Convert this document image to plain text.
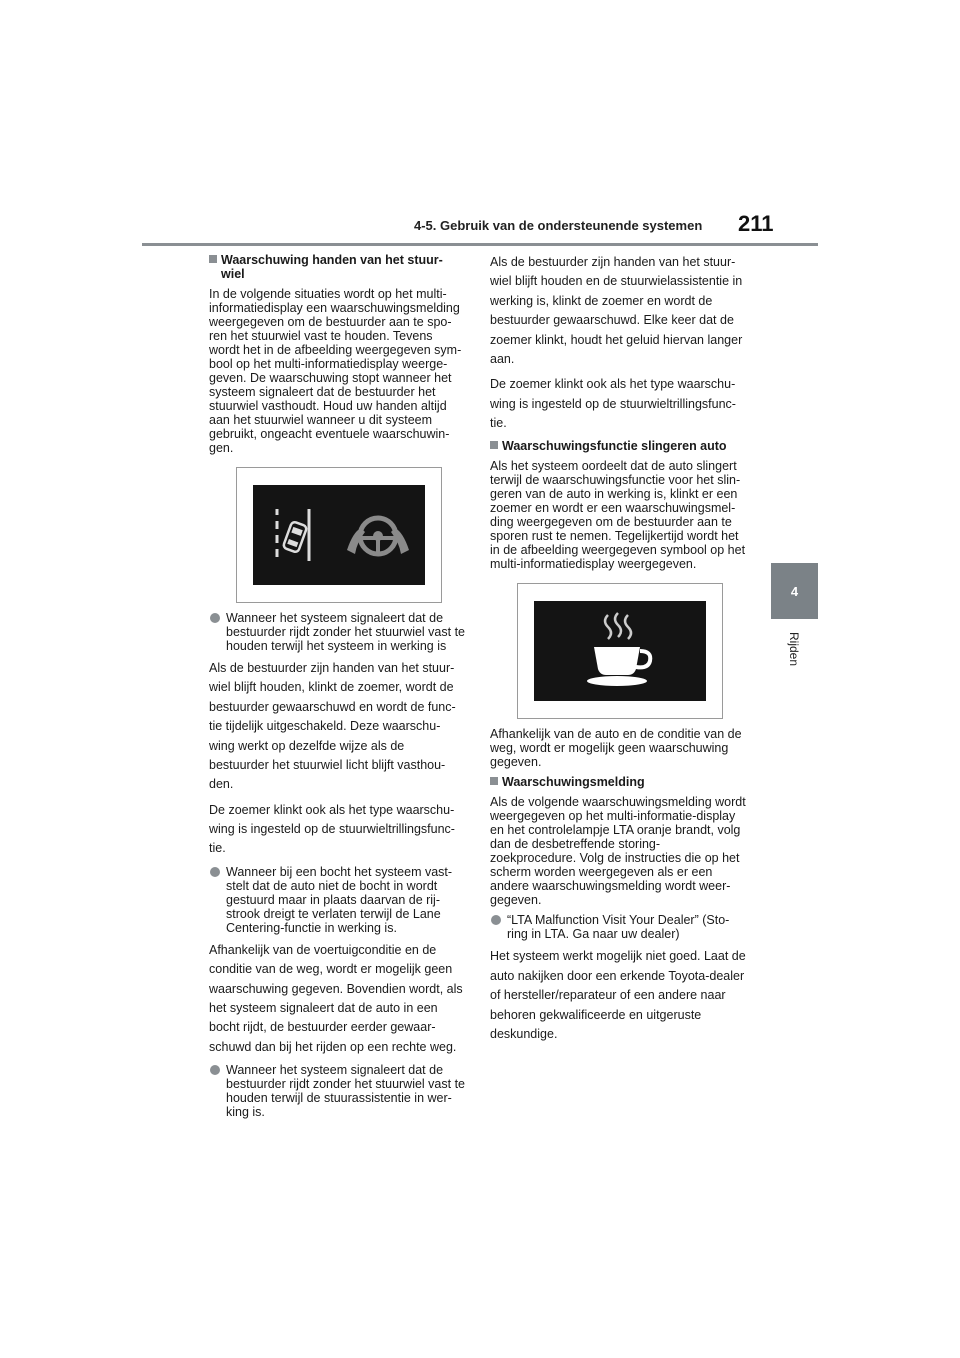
4-5. Gebruik van de ondersteunende systemen 211
4
Rijden
Waarschuwing handen van het stuur-wiel
In de volgende situaties wordt op het multi-informatiedisplay een waarschuwingsmelding weergegeven om de bestuurder aan te spo-ren het stuurwiel vast te houden. Tevens wordt het in de afbeelding weergegeven sym-bool op het multi-informatiedisplay weerge-geven. De waarschuwing stopt wanneer het systeem signaleert dat de bestuurder het stuurwiel vasthoudt. Houd uw handen altijd aan het stuurwiel wanneer u dit systeem gebruikt, ongeacht eventuele waarschuwin-gen.
Wanneer het systeem signaleert dat de bestuurder rijdt zonder het stuurwiel vast te houden terwijl het systeem in werking is
Als de bestuurder zijn handen van het stuur-wiel blijft houden, klinkt de zoemer, wordt de bestuurder gewaarschuwd en wordt de func-tie tijdelijk uitgeschakeld. Deze waarschu-wing werkt op dezelfde wijze als de bestuurder het stuurwiel licht blijft vasthou-den.
De zoemer klinkt ook als het type waarschu-wing is ingesteld op de stuurwieltrillingsfunc-tie.
Wanneer bij een bocht het systeem vast-stelt dat de auto niet de bocht in wordt gestuurd maar in plaats daarvan de rij-strook dreigt te verlaten terwijl de Lane Centering-functie in werking is.
Afhankelijk van de voertuigconditie en de conditie van de weg, wordt er mogelijk geen waarschuwing gegeven. Bovendien wordt, als het systeem signaleert dat de auto in een bocht rijdt, de bestuurder eerder gewaar-schuwd dan bij het rijden op een rechte weg.
Wanneer het systeem signaleert dat de bestuurder rijdt zonder het stuurwiel vast te houden terwijl de stuurassistentie in wer-king is.
Als de bestuurder zijn handen van het stuur-wiel blijft houden en de stuurwielassistentie in werking is, klinkt de zoemer en wordt de bestuurder gewaarschuwd. Elke keer dat de zoemer klinkt, houdt het geluid hiervan langer aan.
De zoemer klinkt ook als het type waarschu-wing is ingesteld op de stuurwieltrillingsfunc-tie.
Waarschuwingsfunctie slingeren auto
Als het systeem oordeelt dat de auto slingert terwijl de waarschuwingsfunctie voor het slin-geren van de auto in werking is, klinkt er een zoemer en wordt er een waarschuwingsmel-ding weergegeven om de bestuurder aan te sporen rust te nemen. Tegelijkertijd wordt het in de afbeelding weergegeven symbool op het multi-informatiedisplay weergegeven.
Afhankelijk van de auto en de conditie van de weg, wordt er mogelijk geen waarschuwing gegeven.
Waarschuwingsmelding
Als de volgende waarschuwingsmelding wordt weergegeven op het multi-informatie-display en het controlelampje LTA oranje brandt, volg dan de desbetreffende storing-zoekprocedure. Volg de instructies die op het scherm worden weergegeven als er een andere waarschuwingsmelding wordt weer-gegeven.
“LTA Malfunction Visit Your Dealer” (Sto-ring in LTA. Ga naar uw dealer)
Het systeem werkt mogelijk niet goed. Laat de auto nakijken door een erkende Toyota-dealer of hersteller/reparateur of een andere naar behoren gekwalificeerde en uitgeruste deskundige.
